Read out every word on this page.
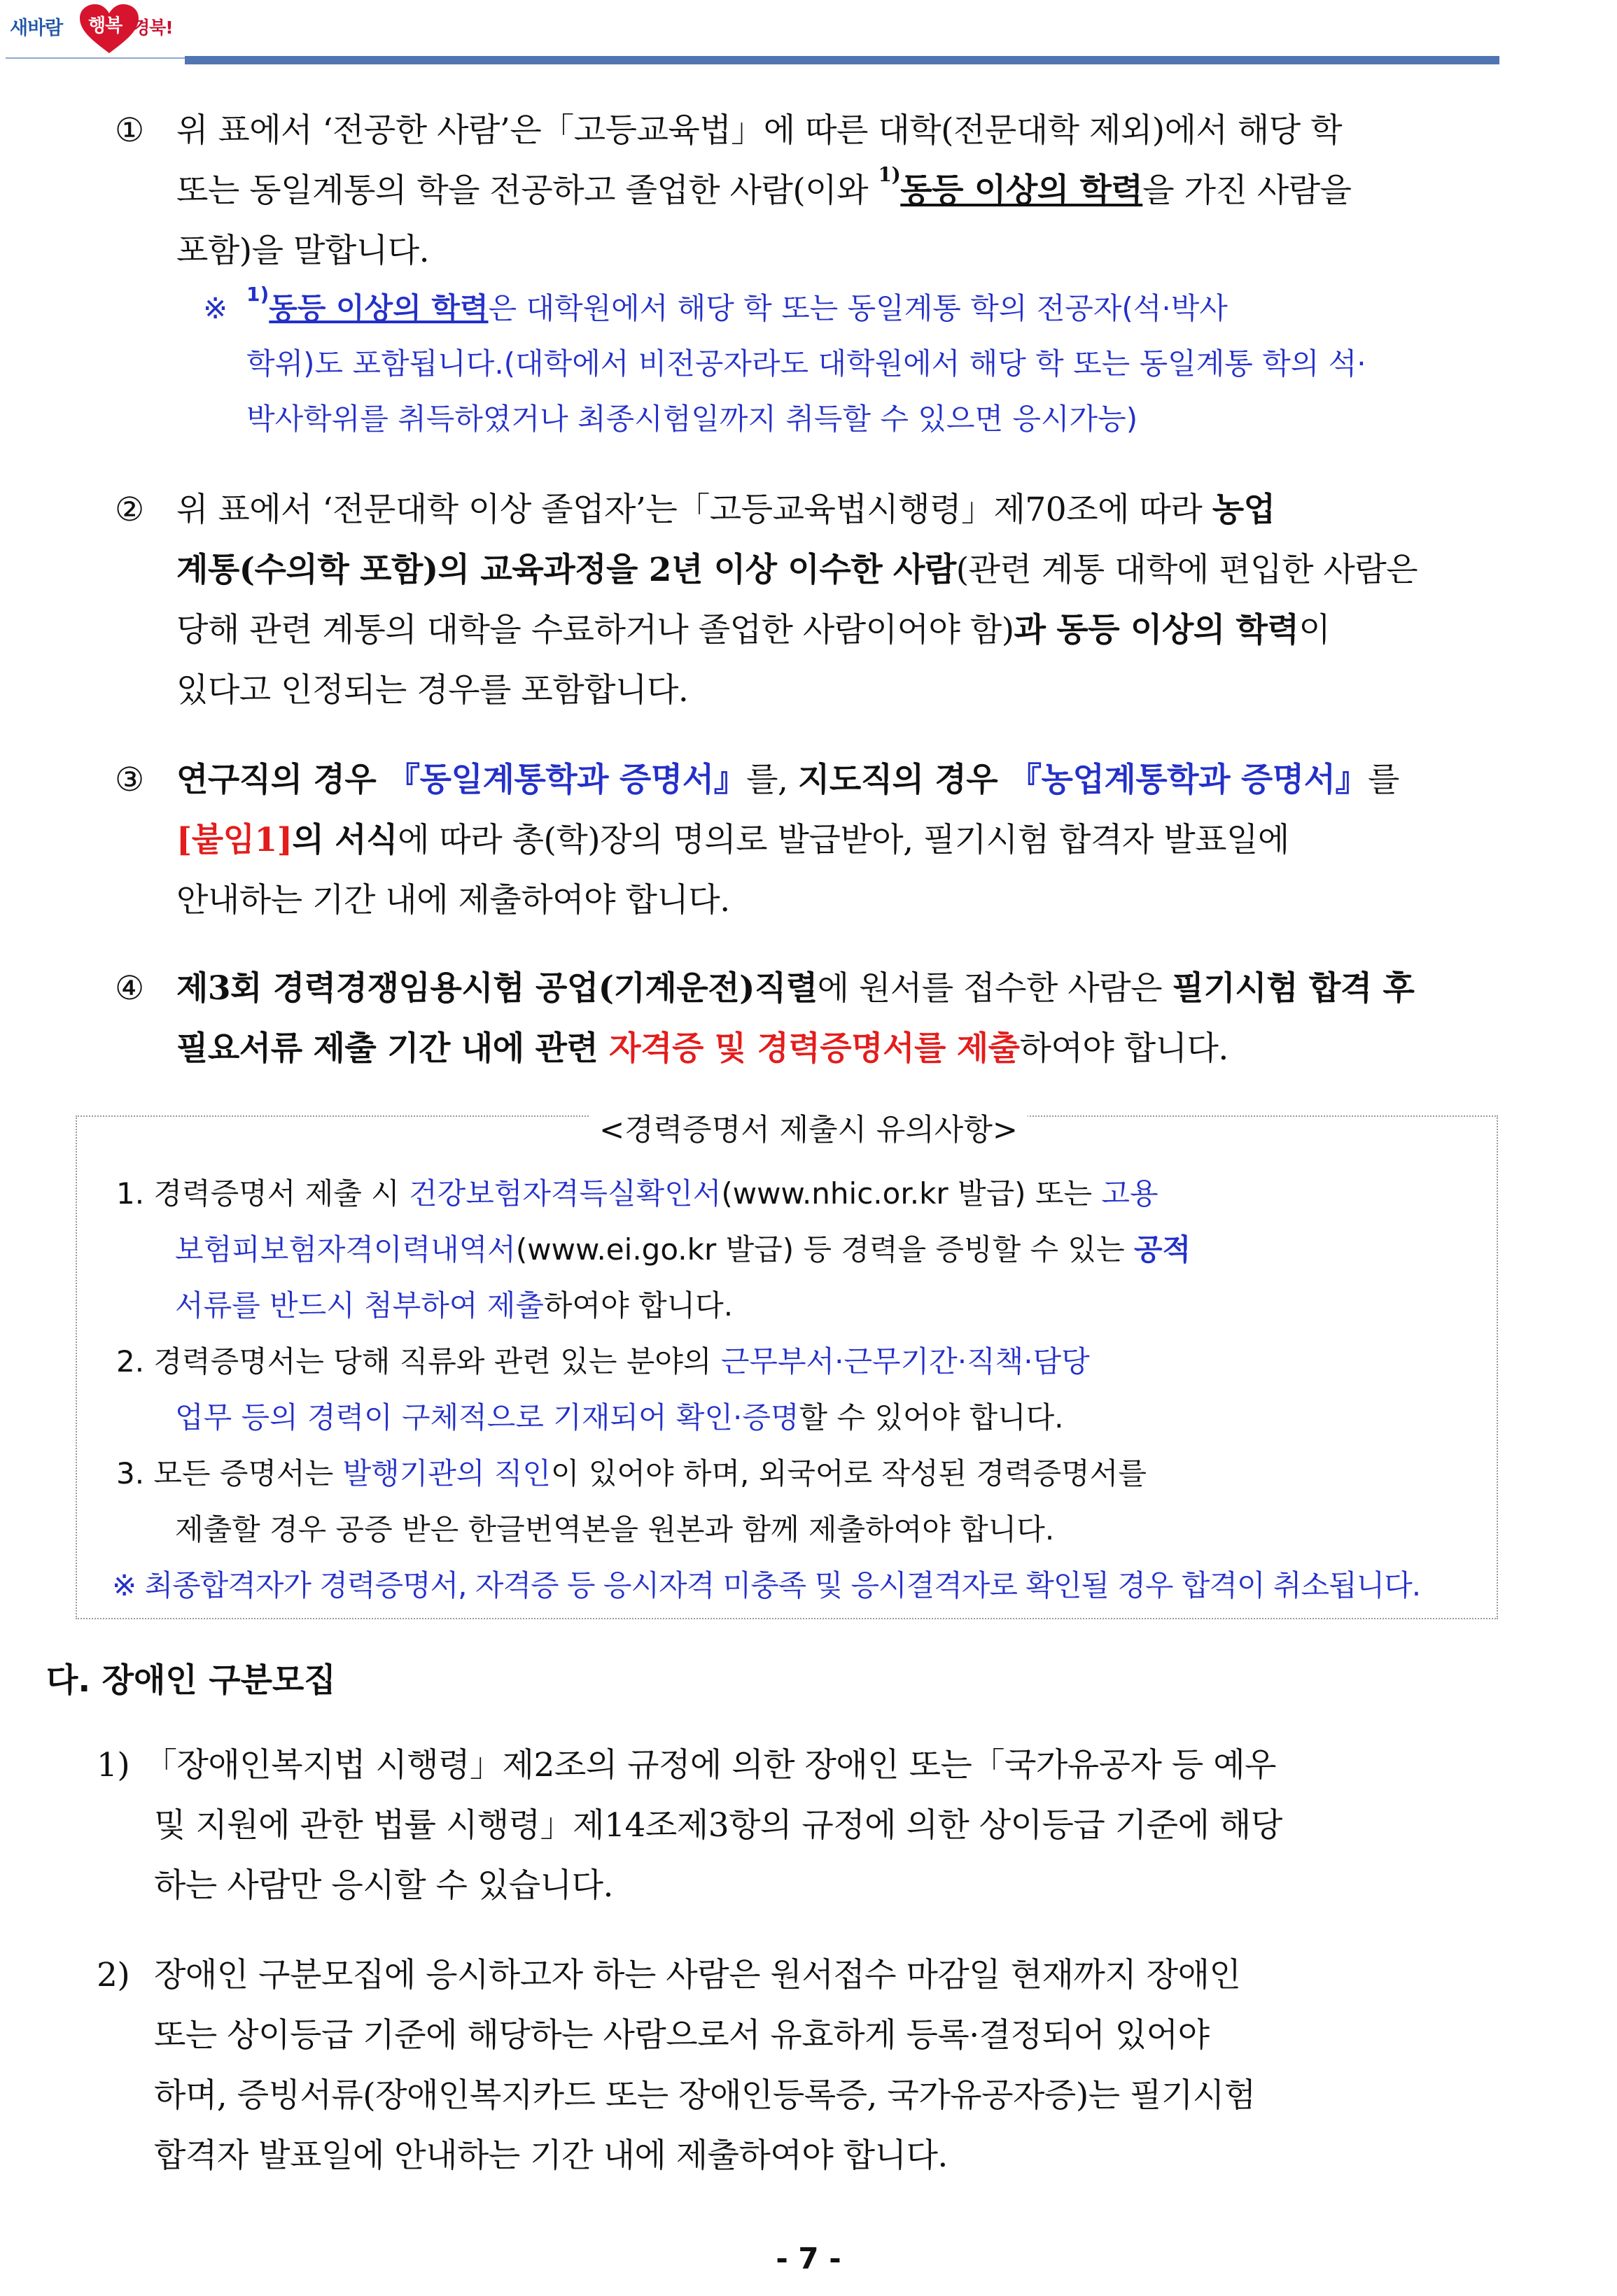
새바람 행복 경북!

① 위 표에서 ‘전공한 사람’은「고등교육법」에 따른 대학(전문대학 제외)에서 해당 학

또는 동일계통의 학을 전공하고 졸업한 사람(이와 $^{1)}$동등 이상의 학력을 가진 사람을

포함)을 말합니다.

※ $^{1)}$동등 이상의 학력은 대학원에서 해당 학 또는 동일계통 학의 전공자(석·박사

학위)도 포함됩니다.(대학에서 비전공자라도 대학원에서 해당 학 또는 동일계통 학의 석·

박사학위를 취득하였거나 최종시험일까지 취득할 수 있으면 응시가능)

② 위 표에서 ‘전문대학 이상 졸업자’는「고등교육법시행령」제70조에 따라 농업

계통(수의학 포함)의 교육과정을 2년 이상 이수한 사람(관련 계통 대학에 편입한 사람은

당해 관련 계통의 대학을 수료하거나 졸업한 사람이어야 함)과 동등 이상의 학력이

있다고 인정되는 경우를 포함합니다.

③ 연구직의 경우 『동일계통학과 증명서』를, 지도직의 경우 『농업계통학과 증명서』를

[붙임1]의 서식에 따라 총(학)장의 명의로 발급받아, 필기시험 합격자 발표일에

안내하는 기간 내에 제출하여야 합니다.

④ 제3회 경력경쟁임용시험 공업(기계운전)직렬에 원서를 접수한 사람은 필기시험 합격 후

필요서류 제출 기간 내에 관련 자격증 및 경력증명서를 제출하여야 합니다.

<경력증명서 제출시 유의사항>

1. 경력증명서 제출 시 건강보험자격득실확인서(www.nhic.or.kr 발급) 또는 고용

보험피보험자격이력내역서(www.ei.go.kr 발급) 등 경력을 증빙할 수 있는 공적

서류를 반드시 첨부하여 제출하여야 합니다.

2. 경력증명서는 당해 직류와 관련 있는 분야의 근무부서·근무기간·직책·담당

업무 등의 경력이 구체적으로 기재되어 확인·증명할 수 있어야 합니다.

3. 모든 증명서는 발행기관의 직인이 있어야 하며, 외국어로 작성된 경력증명서를

제출할 경우 공증 받은 한글번역본을 원본과 함께 제출하여야 합니다.

※ 최종합격자가 경력증명서, 자격증 등 응시자격 미충족 및 응시결격자로 확인될 경우 합격이 취소됩니다.

다. 장애인 구분모집

1) 「장애인복지법 시행령」제2조의 규정에 의한 장애인 또는「국가유공자 등 예우

및 지원에 관한 법률 시행령」제14조제3항의 규정에 의한 상이등급 기준에 해당

하는 사람만 응시할 수 있습니다.

2) 장애인 구분모집에 응시하고자 하는 사람은 원서접수 마감일 현재까지 장애인

또는 상이등급 기준에 해당하는 사람으로서 유효하게 등록·결정되어 있어야

하며, 증빙서류(장애인복지카드 또는 장애인등록증, 국가유공자증)는 필기시험

합격자 발표일에 안내하는 기간 내에 제출하여야 합니다.

- 7 -
